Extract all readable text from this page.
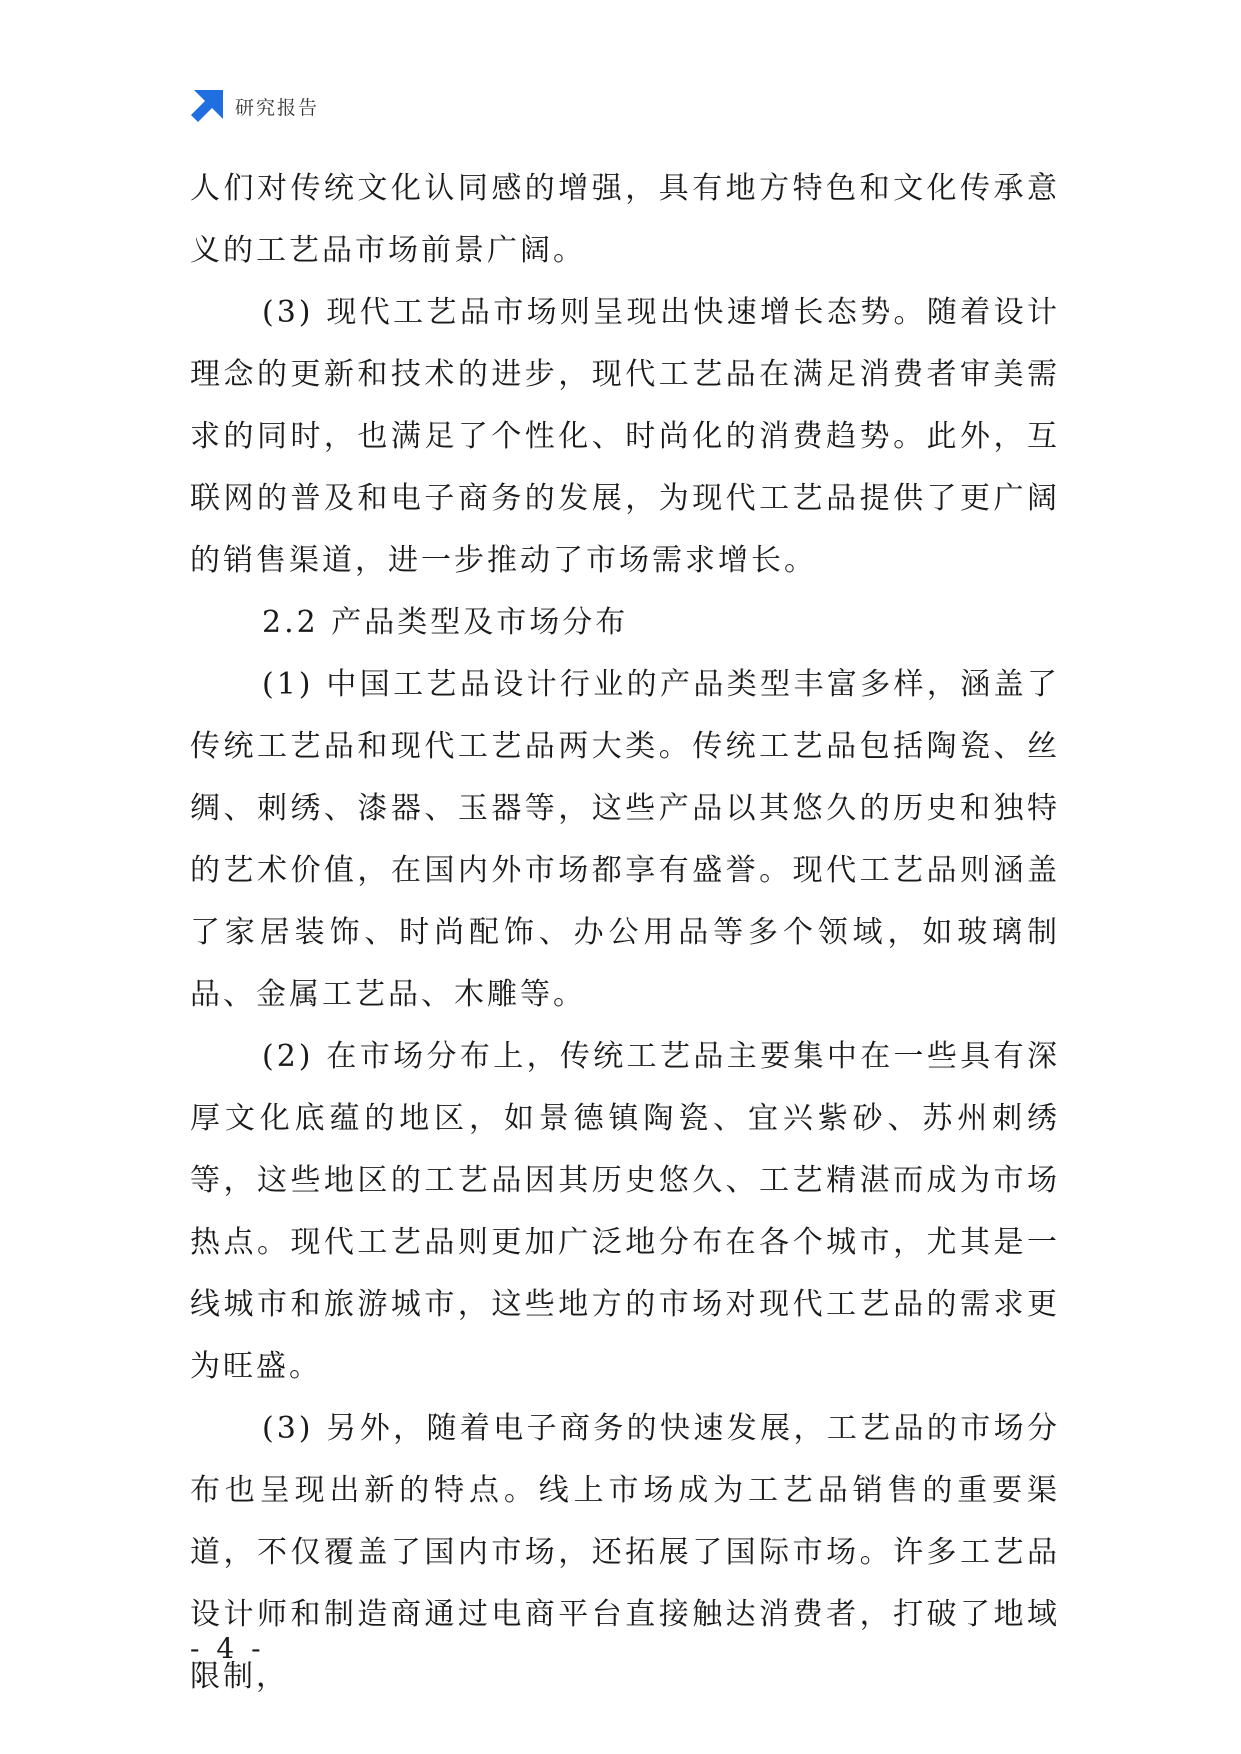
研究报告

人们对传统文化认同感的增强，具有地方特色和文化传承意义的工艺品市场前景广阔。

(3) 现代工艺品市场则呈现出快速增长态势。随着设计理念的更新和技术的进步，现代工艺品在满足消费者审美需求的同时，也满足了个性化、时尚化的消费趋势。此外，互联网的普及和电子商务的发展，为现代工艺品提供了更广阔的销售渠道，进一步推动了市场需求增长。

2.2 产品类型及市场分布

(1) 中国工艺品设计行业的产品类型丰富多样，涵盖了传统工艺品和现代工艺品两大类。传统工艺品包括陶瓷、丝绸、刺绣、漆器、玉器等，这些产品以其悠久的历史和独特的艺术价值，在国内外市场都享有盛誉。现代工艺品则涵盖了家居装饰、时尚配饰、办公用品等多个领域，如玻璃制品、金属工艺品、木雕等。

(2) 在市场分布上，传统工艺品主要集中在一些具有深厚文化底蕴的地区，如景德镇陶瓷、宜兴紫砂、苏州刺绣等，这些地区的工艺品因其历史悠久、工艺精湛而成为市场热点。现代工艺品则更加广泛地分布在各个城市，尤其是一线城市和旅游城市，这些地方的市场对现代工艺品的需求更为旺盛。

(3) 另外，随着电子商务的快速发展，工艺品的市场分布也呈现出新的特点。线上市场成为工艺品销售的重要渠道，不仅覆盖了国内市场，还拓展了国际市场。许多工艺品设计师和制造商通过电商平台直接触达消费者，打破了地域限制，

- 4 -
